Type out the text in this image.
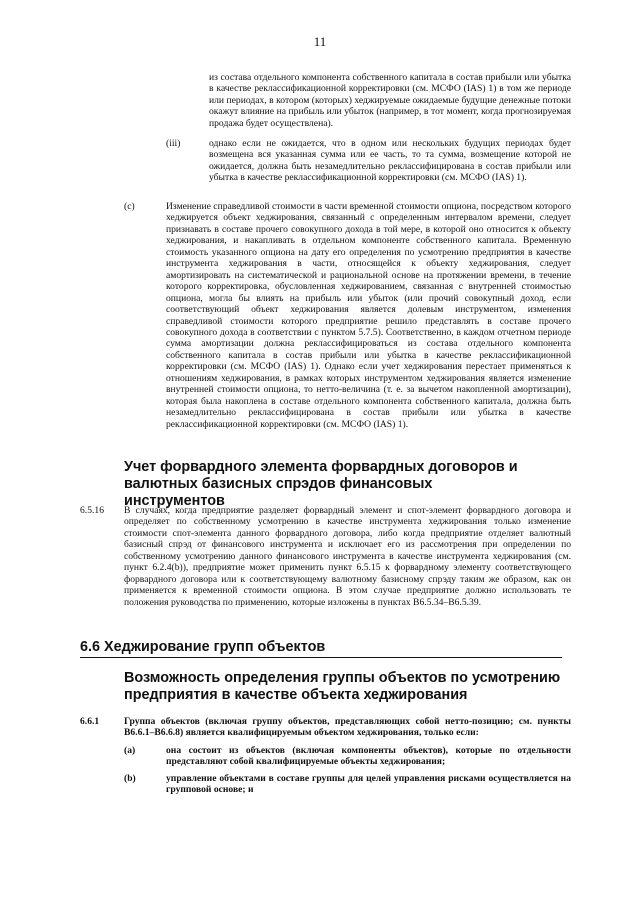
11
из состава отдельного компонента собственного капитала в состав прибыли или убытка в качестве реклассификационной корректировки (см. МСФО (IAS) 1) в том же периоде или периодах, в котором (которых) хеджируемые ожидаемые будущие денежные потоки окажут влияние на прибыль или убыток (например, в тот момент, когда прогнозируемая продажа будет осуществлена).
(iii)	однако если не ожидается, что в одном или нескольких будущих периодах будет возмещена вся указанная сумма или ее часть, то та сумма, возмещение которой не ожидается, должна быть незамедлительно реклассифицирована в состав прибыли или убытка в качестве реклассификационной корректировки (см. МСФО (IAS) 1).
(c)	Изменение справедливой стоимости в части временной стоимости опциона, посредством которого хеджируется объект хеджирования, связанный с определенным интервалом времени, следует признавать в составе прочего совокупного дохода в той мере, в которой оно относится к объекту хеджирования, и накапливать в отдельном компоненте собственного капитала. Временную стоимость указанного опциона на дату его определения по усмотрению предприятия в качестве инструмента хеджирования в части, относящейся к объекту хеджирования, следует амортизировать на систематической и рациональной основе на протяжении времени, в течение которого корректировка, обусловленная хеджированием, связанная с внутренней стоимостью опциона, могла бы влиять на прибыль или убыток (или прочий совокупный доход, если соответствующий объект хеджирования является долевым инструментом, изменения справедливой стоимости которого предприятие решило представлять в составе прочего совокупного дохода в соответствии с пунктом 5.7.5). Соответственно, в каждом отчетном периоде сумма амортизации должна реклассифицироваться из состава отдельного компонента собственного капитала в состав прибыли или убытка в качестве реклассификационной корректировки (см. МСФО (IAS) 1). Однако если учет хеджирования перестает применяться к отношениям хеджирования, в рамках которых инструментом хеджирования является изменение внутренней стоимости опциона, то нетто-величина (т. е. за вычетом накопленной амортизации), которая была накоплена в составе отдельного компонента собственного капитала, должна быть незамедлительно реклассифицирована в состав прибыли или убытка в качестве реклассификационной корректировки (см. МСФО (IAS) 1).
Учет форвардного элемента форвардных договоров и валютных базисных спрэдов финансовых инструментов
6.5.16 В случаях, когда предприятие разделяет форвардный элемент и спот-элемент форвардного договора и определяет по собственному усмотрению в качестве инструмента хеджирования только изменение стоимости спот-элемента данного форвардного договора, либо когда предприятие отделяет валютный базисный спрэд от финансового инструмента и исключает его из рассмотрения при определении по собственному усмотрению данного финансового инструмента в качестве инструмента хеджирования (см. пункт 6.2.4(b)), предприятие может применить пункт 6.5.15 к форвардному элементу соответствующего форвардного договора или к соответствующему валютному базисному спрэду таким же образом, как он применяется к временной стоимости опциона. В этом случае предприятие должно использовать те положения руководства по применению, которые изложены в пунктах B6.5.34–B6.5.39.
6.6 Хеджирование групп объектов
Возможность определения группы объектов по усмотрению предприятия в качестве объекта хеджирования
6.6.1	Группа объектов (включая группу объектов, представляющих собой нетто-позицию; см. пункты B6.6.1–B6.6.8) является квалифицируемым объектом хеджирования, только если:
(a)	она состоит из объектов (включая компоненты объектов), которые по отдельности представляют собой квалифицируемые объекты хеджирования;
(b)	управление объектами в составе группы для целей управления рисками осуществляется на групповой основе; и
